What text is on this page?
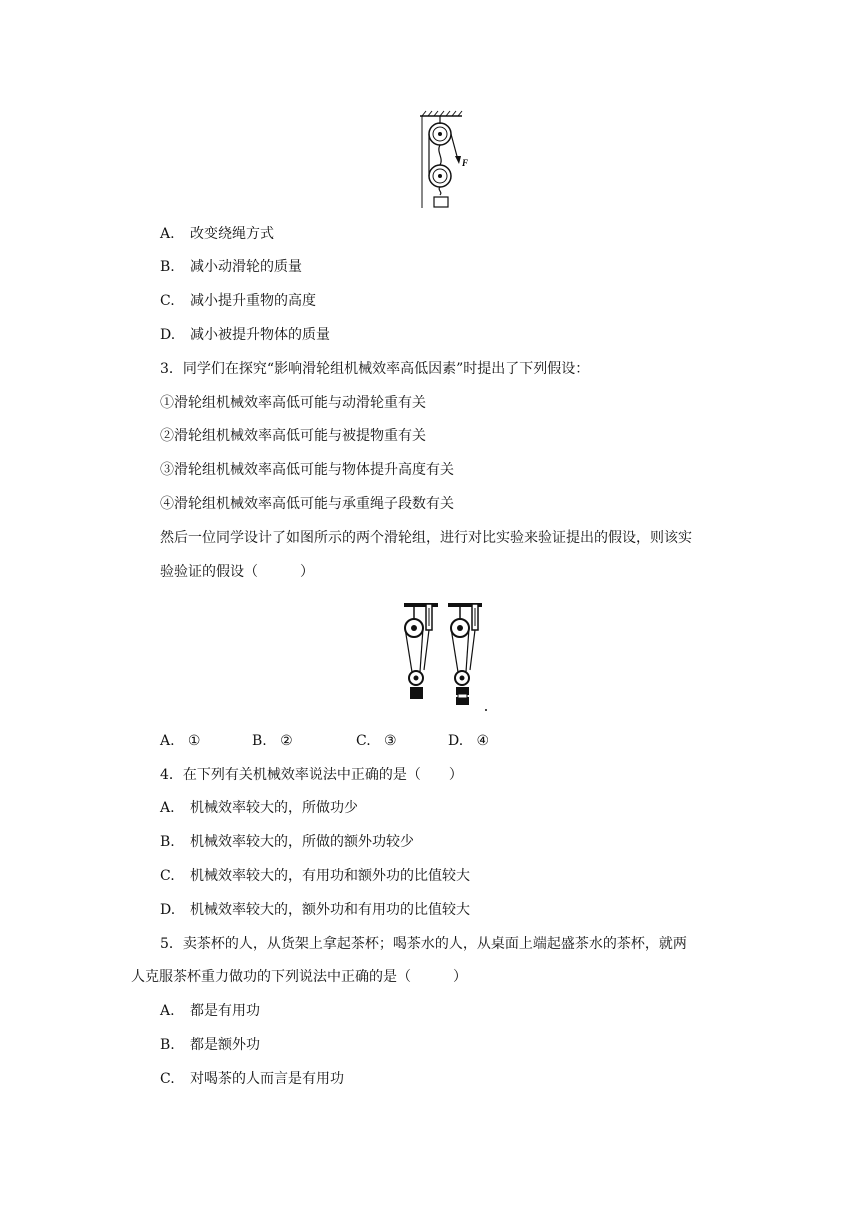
F
A. 改变绕绳方式
B. 减小动滑轮的质量
C. 减小提升重物的高度
D. 减小被提升物体的质量
3．同学们在探究“影响滑轮组机械效率高低因素”时提出了下列假设：
①滑轮组机械效率高低可能与动滑轮重有关
②滑轮组机械效率高低可能与被提物重有关
③滑轮组机械效率高低可能与物体提升高度有关
④滑轮组机械效率高低可能与承重绳子段数有关
然后一位同学设计了如图所示的两个滑轮组，进行对比实验来验证提出的假设，则该实
验验证的假设（　　　）
A. ①	B. ②	C. ③	D. ④
4．在下列有关机械效率说法中正确的是（　　）
A. 机械效率较大的，所做功少
B. 机械效率较大的，所做的额外功较少
C. 机械效率较大的，有用功和额外功的比值较大
D. 机械效率较大的，额外功和有用功的比值较大
5．卖茶杯的人，从货架上拿起茶杯；喝茶水的人，从桌面上端起盛茶水的茶杯，就两
人克服茶杯重力做功的下列说法中正确的是（　　　）
A. 都是有用功
B. 都是额外功
C. 对喝茶的人而言是有用功
